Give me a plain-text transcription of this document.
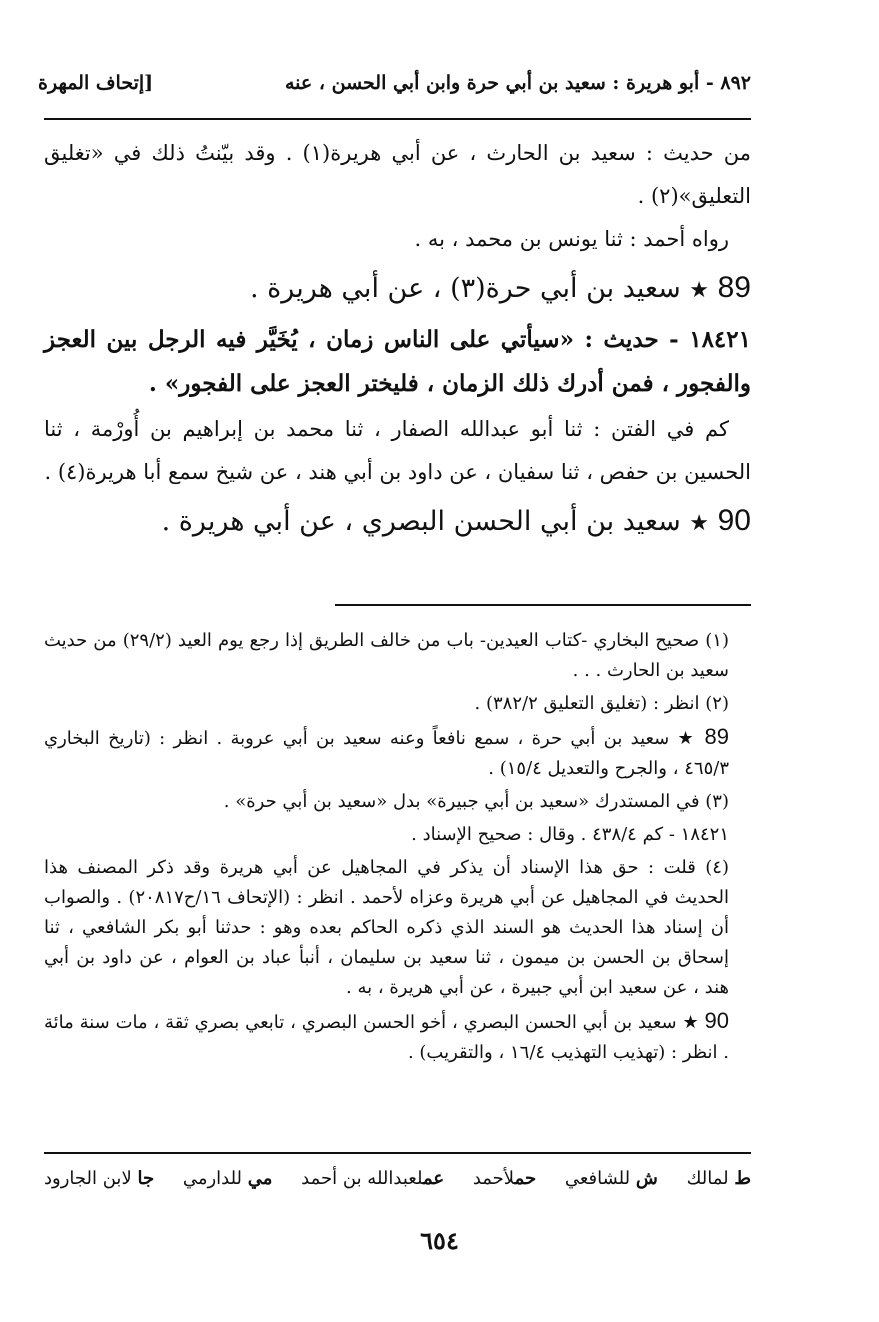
٨٩٢ - أبو هريرة : سعيد بن أبي حرة وابن أبي الحسن ، عنه
[إتحاف المهرة

من حديث : سعيد بن الحارث ، عن أبي هريرة(١) . وقد بيّنتُ ذلك في «تغليق التعليق»(٢) .

رواه أحمد : ثنا يونس بن محمد ، به .

89 ★ سعيد بن أبي حرة(٣) ، عن أبي هريرة .

١٨٤٢١ - حديث : «سيأتي على الناس زمان ، يُخَيَّر فيه الرجل بين العجز والفجور ، فمن أدرك ذلك الزمان ، فليختر العجز على الفجور» .

كم في الفتن : ثنا أبو عبدالله الصفار ، ثنا محمد بن إبراهيم بن أُورْمة ، ثنا الحسين بن حفص ، ثنا سفيان ، عن داود بن أبي هند ، عن شيخ سمع أبا هريرة(٤) .

90 ★ سعيد بن أبي الحسن البصري ، عن أبي هريرة .

(١) صحيح البخاري -كتاب العيدين- باب من خالف الطريق إذا رجع يوم العيد (٢٩/٢) من حديث سعيد بن الحارث . . .

(٢) انظر : (تغليق التعليق ٣٨٢/٢) .

89 ★ سعيد بن أبي حرة ، سمع نافعاً وعنه سعيد بن أبي عروبة . انظر : (تاريخ البخاري ٤٦٥/٣ ، والجرح والتعديل ١٥/٤) .

(٣) في المستدرك «سعيد بن أبي جبيرة» بدل «سعيد بن أبي حرة» .

١٨٤٢١ - كم ٤٣٨/٤ . وقال : صحيح الإسناد .

(٤) قلت : حق هذا الإسناد أن يذكر في المجاهيل عن أبي هريرة وقد ذكر المصنف هذا الحديث في المجاهيل عن أبي هريرة وعزاه لأحمد . انظر : (الإتحاف ١٦/ح٢٠٨١٧) . والصواب أن إسناد هذا الحديث هو السند الذي ذكره الحاكم بعده وهو : حدثنا أبو بكر الشافعي ، ثنا إسحاق بن الحسن بن ميمون ، ثنا سعيد بن سليمان ، أنبأ عباد بن العوام ، عن داود بن أبي هند ، عن سعيد ابن أبي جبيرة ، عن أبي هريرة ، به .

90 ★ سعيد بن أبي الحسن البصري ، أخو الحسن البصري ، تابعي بصري ثقة ، مات سنة مائة . انظر : (تهذيب التهذيب ١٦/٤ ، والتقريب) .

ط لمالك
ش للشافعي
حملأحمد
عملعبدالله بن أحمد
مي للدارمي
جا لابن الجارود
٦٥٤
